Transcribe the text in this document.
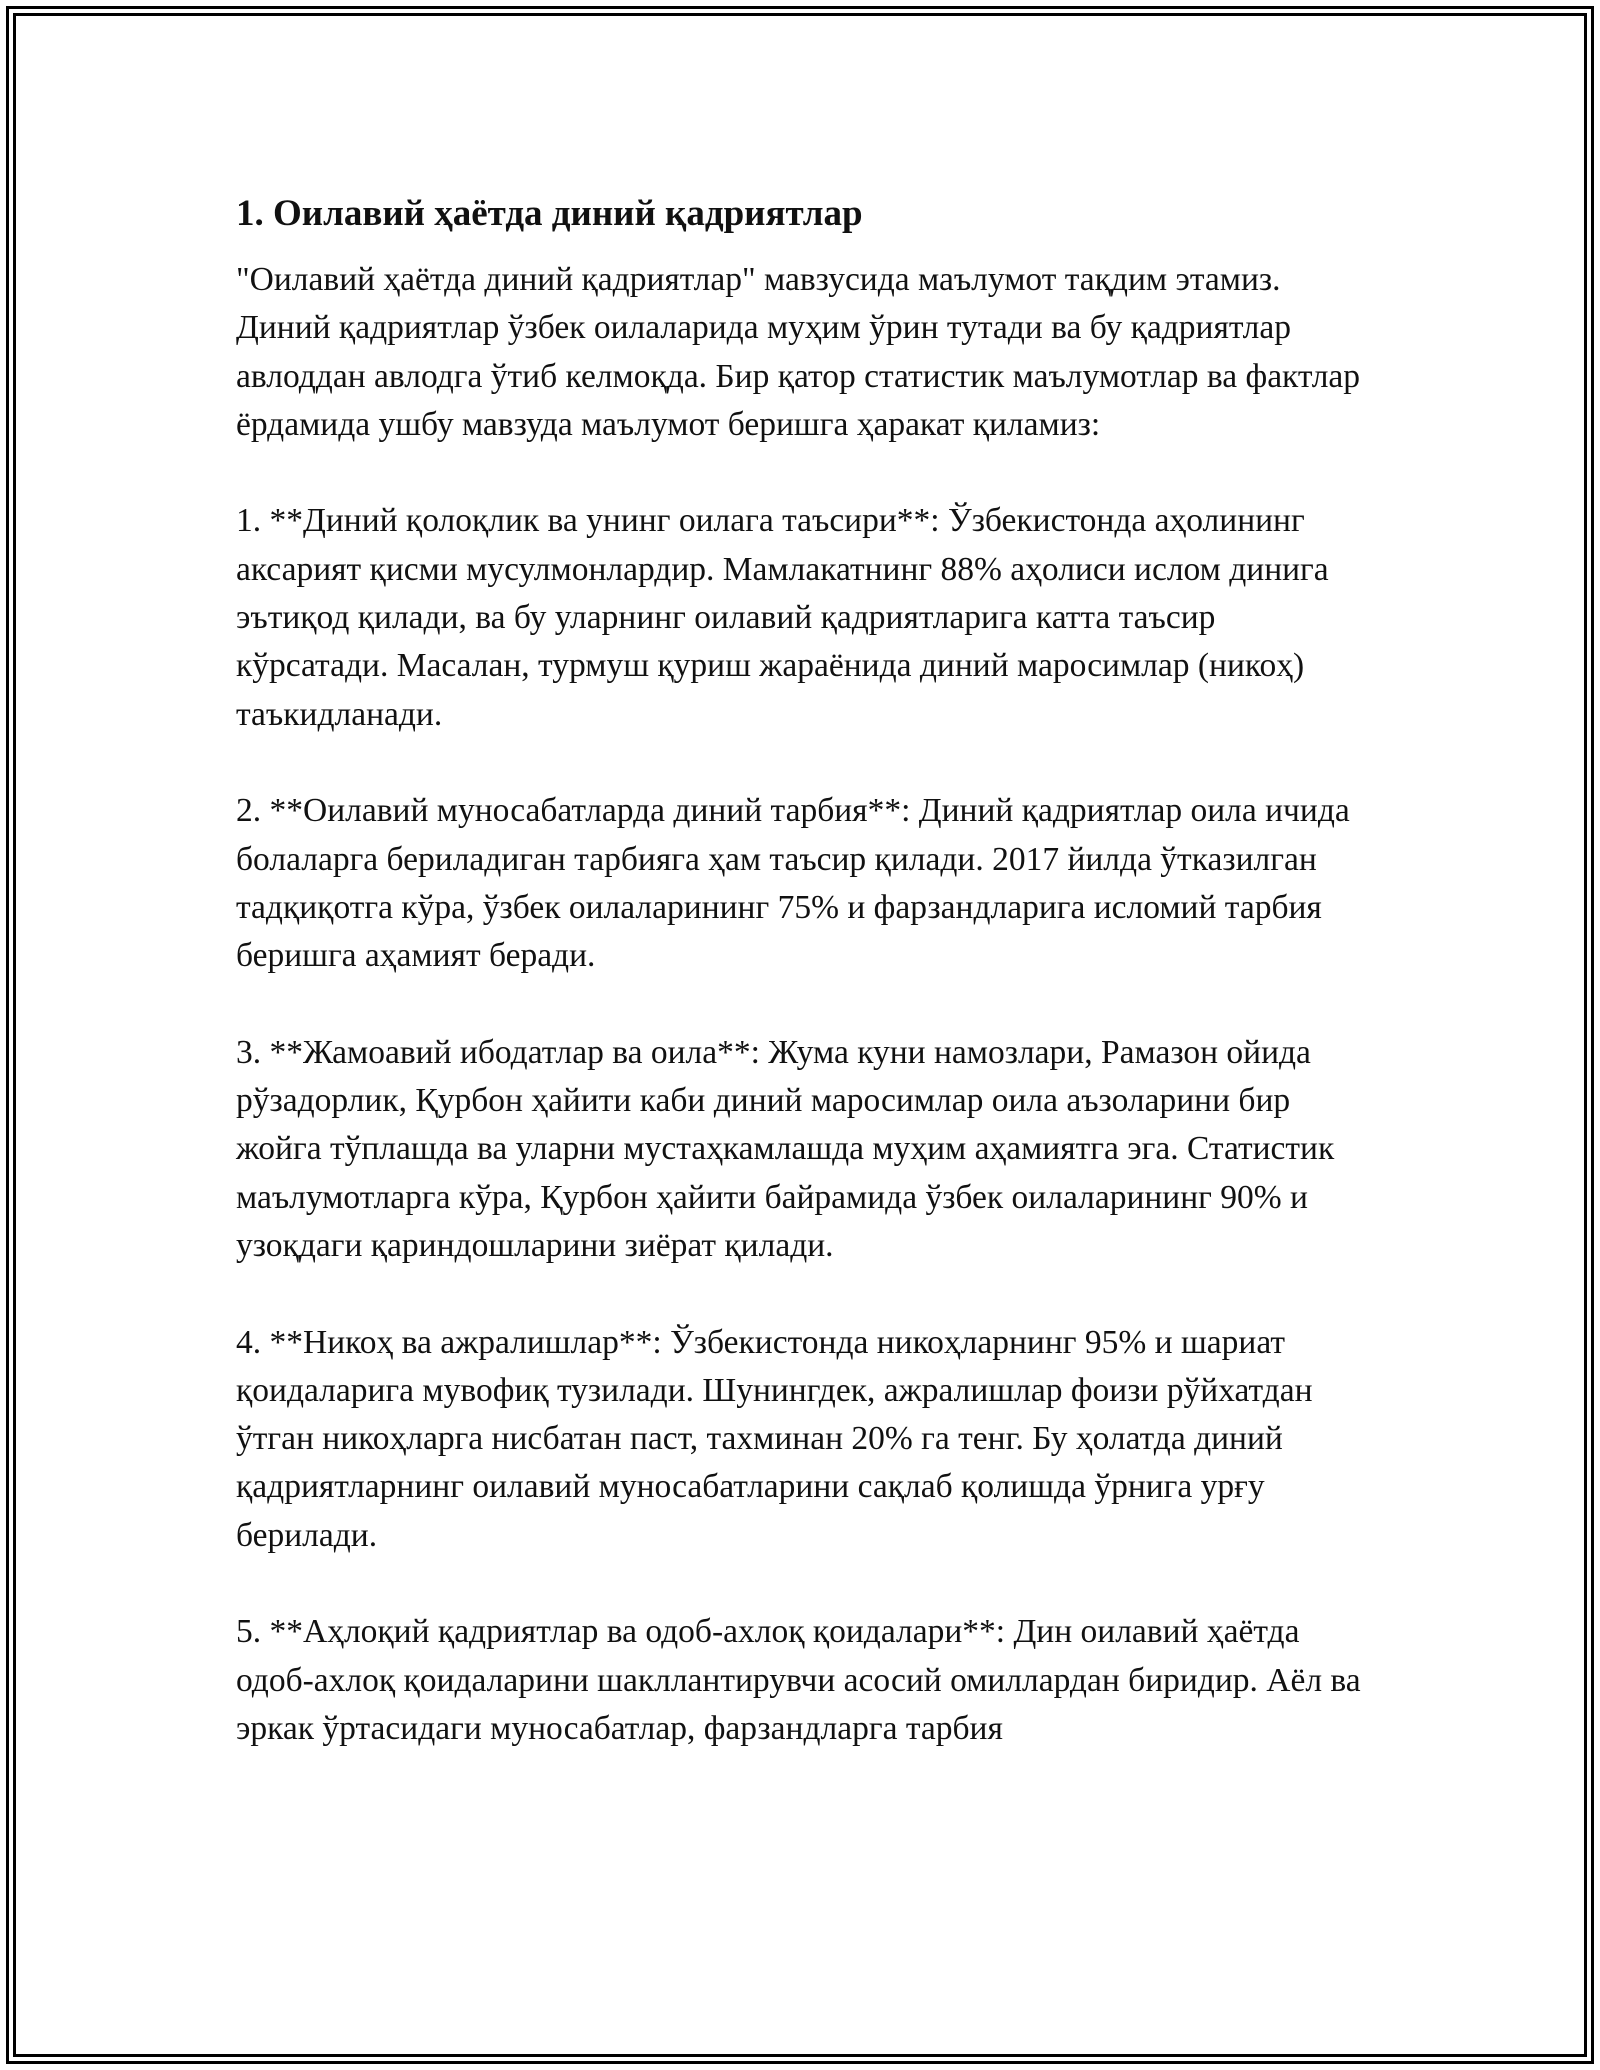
1. Оилавий ҳаётда диний қадриятлар

"Оилавий ҳаётда диний қадриятлар" мавзусида маълумот тақдим этамиз. Диний қадриятлар ўзбек оилаларида муҳим ўрин тутади ва бу қадриятлар авлоддан авлодга ўтиб келмоқда. Бир қатор статистик маълумотлар ва фактлар ёрдамида ушбу мавзуда маълумот беришга ҳаракат қиламиз:

1. **Диний қолоқлик ва унинг оилага таъсири**: Ўзбекистонда аҳолининг аксарият қисми мусулмонлардир. Мамлакатнинг 88% аҳолиси ислом динига эътиқод қилади, ва бу уларнинг оилавий қадриятларига катта таъсир кўрсатади. Масалан, турмуш қуриш жараёнида диний маросимлар (никоҳ) таъкидланади.

2. **Оилавий муносабатларда диний тарбия**: Диний қадриятлар оила ичида болаларга бериладиган тарбияга ҳам таъсир қилади. 2017 йилда ўтказилган тадқиқотга кўра, ўзбек оилаларининг 75% и фарзандларига исломий тарбия беришга аҳамият беради.

3. **Жамоавий ибодатлар ва оила**: Жума куни намозлари, Рамазон ойида рўзадорлик, Қурбон ҳайити каби диний маросимлар оила аъзоларини бир жойга тўплашда ва уларни мустаҳкамлашда муҳим аҳамиятга эга. Статистик маълумотларга кўра, Қурбон ҳайити байрамида ўзбек оилаларининг 90% и узоқдаги қариндошларини зиёрат қилади.

4. **Никоҳ ва ажралишлар**: Ўзбекистонда никоҳларнинг 95% и шариат қоидаларига мувофиқ тузилади. Шунингдек, ажралишлар фоизи рўйхатдан ўтган никоҳларга нисбатан паст, тахминан 20% га тенг. Бу ҳолатда диний қадриятларнинг оилавий муносабатларини сақлаб қолишда ўрнига урғу берилади.

5. **Аҳлоқий қадриятлар ва одоб-ахлоқ қоидалари**: Дин оилавий ҳаётда одоб-ахлоқ қоидаларини шакллантирувчи асосий омиллардан биридир. Аёл ва эркак ўртасидаги муносабатлар, фарзандларга тарбия
